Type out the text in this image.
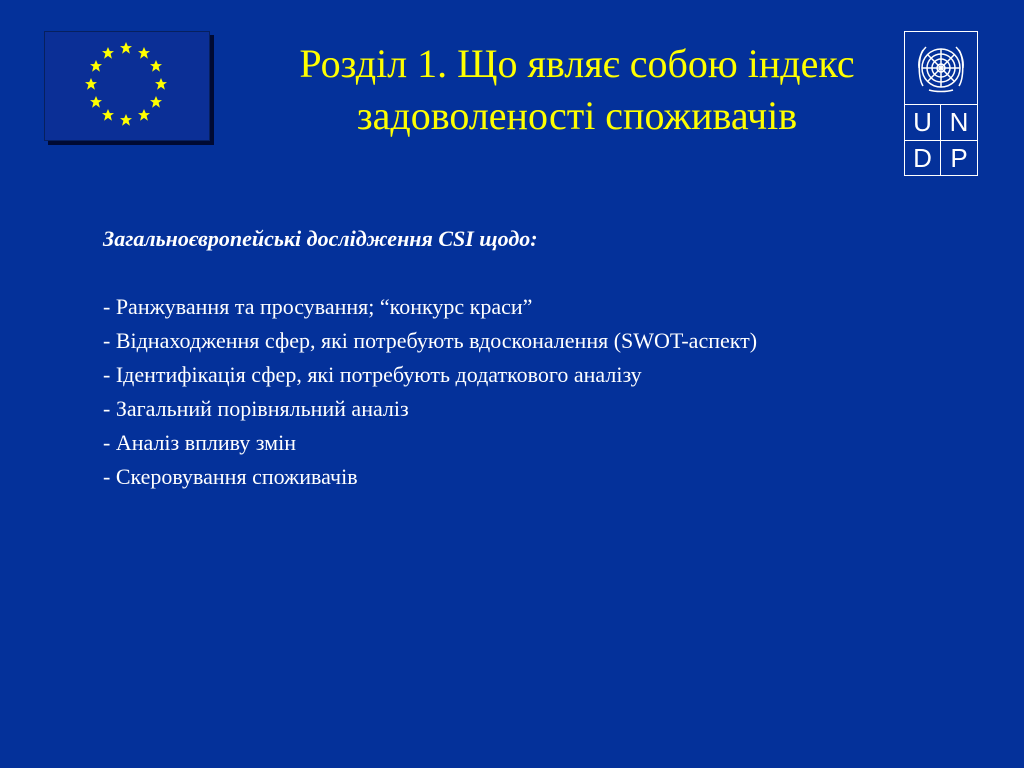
Розділ 1. Що являє собою індекс задоволеності споживачів	U N
D P
Загальноєвропейські дослідження CSI щодо:
- Ранжування та просування; “конкурс краси”
- Віднаходження сфер, які потребують вдосконалення (SWOT-аспект)
- Ідентифікація сфер, які потребують додаткового аналізу
- Загальний порівняльний аналіз
- Аналіз впливу змін
- Скеровування споживачів
